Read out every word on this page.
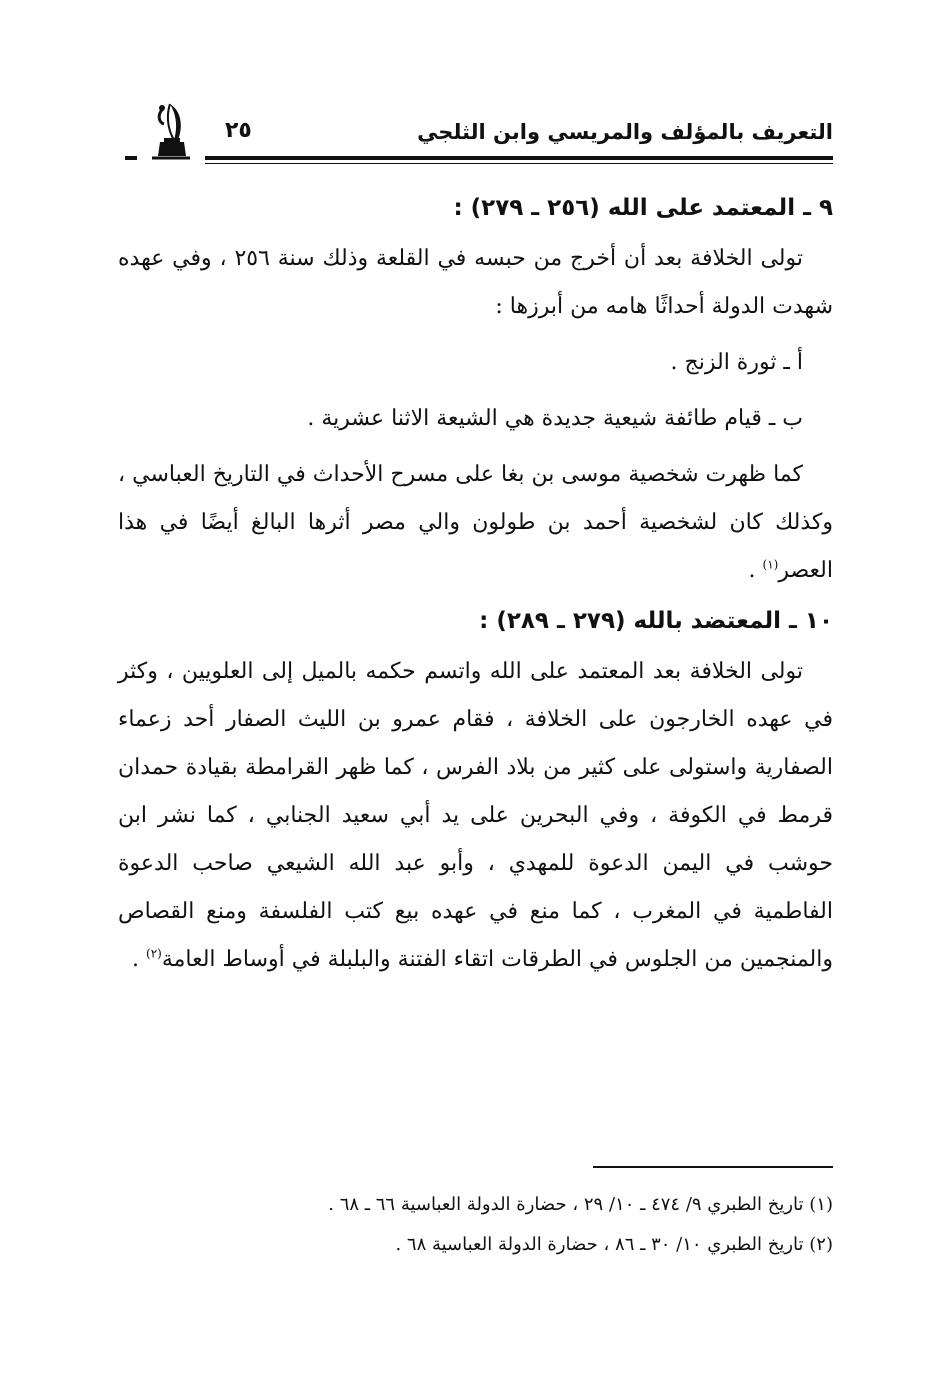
التعريف بالمؤلف والمريسي وابن الثلجي
٢٥
٩ ـ المعتمد على الله (٢٥٦ ـ ٢٧٩) :

تولى الخلافة بعد أن أخرج من حبسه في القلعة وذلك سنة ٢٥٦ ، وفي عهده شهدت الدولة أحداثًا هامه من أبرزها :

أ ـ ثورة الزنج .

ب ـ قيام طائفة شيعية جديدة هي الشيعة الاثنا عشرية .

كما ظهرت شخصية موسى بن بغا على مسرح الأحداث في التاريخ العباسي ، وكذلك كان لشخصية أحمد بن طولون والي مصر أثرها البالغ أيضًا في هذا العصر$^{(١)}$ .

١٠ ـ المعتضد بالله (٢٧٩ ـ ٢٨٩) :

تولى الخلافة بعد المعتمد على الله واتسم حكمه بالميل إلى العلويين ، وكثر في عهده الخارجون على الخلافة ، فقام عمرو بن الليث الصفار أحد زعماء الصفارية واستولى على كثير من بلاد الفرس ، كما ظهر القرامطة بقيادة حمدان قرمط في الكوفة ، وفي البحرين على يد أبي سعيد الجنابي ، كما نشر ابن حوشب في اليمن الدعوة للمهدي ، وأبو عبد الله الشيعي صاحب الدعوة الفاطمية في المغرب ، كما منع في عهده بيع كتب الفلسفة ومنع القصاص والمنجمين من الجلوس في الطرقات اتقاء الفتنة والبلبلة في أوساط العامة$^{(٢)}$ .

(١) تاريخ الطبري ٩/ ٤٧٤ ـ ١٠/ ٢٩ ، حضارة الدولة العباسية ٦٦ ـ ٦٨ .

(٢) تاريخ الطبري ١٠/ ٣٠ ـ ٨٦ ، حضارة الدولة العباسية ٦٨ .
